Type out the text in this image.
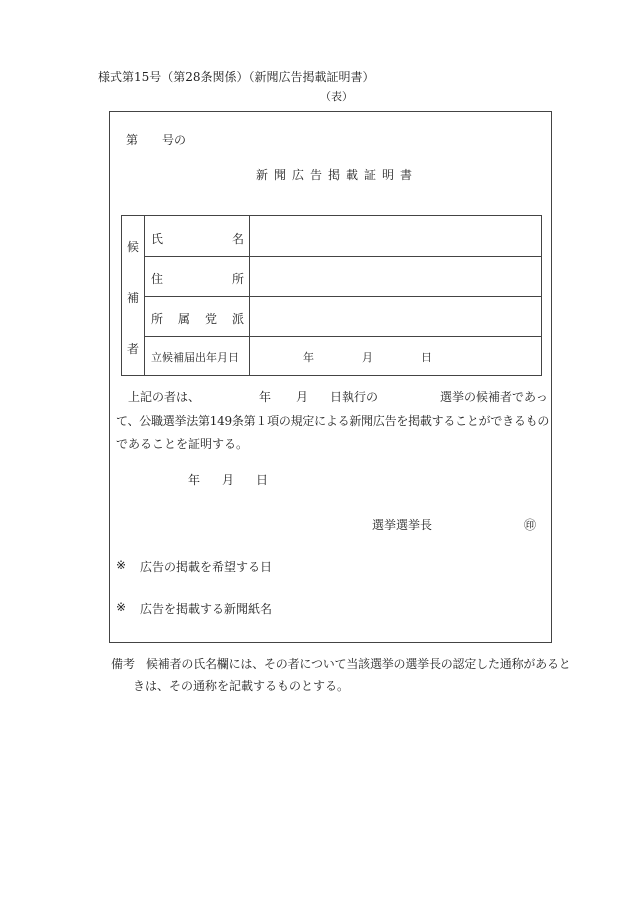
様式第15号（第28条関係）（新聞広告掲載証明書）
（表）
第 号の
新 聞 広 告 掲 載 証 明 書
候
補
者
氏	名
住	所
所 属 党 派
立候補届出年月日	年	月	日
上記の者は、	年 月 日執行の	選挙の候補者であっ
て、公職選挙法第149条第１項の規定による新聞広告を掲載することができるもの
であることを証明する。
年 月 日
選挙選挙長	㊞
※ 広告の掲載を希望する日
※ 広告を掲載する新聞紙名
備考 候補者の氏名欄には、その者について当該選挙の選挙長の認定した通称があると
きは、その通称を記載するものとする。
